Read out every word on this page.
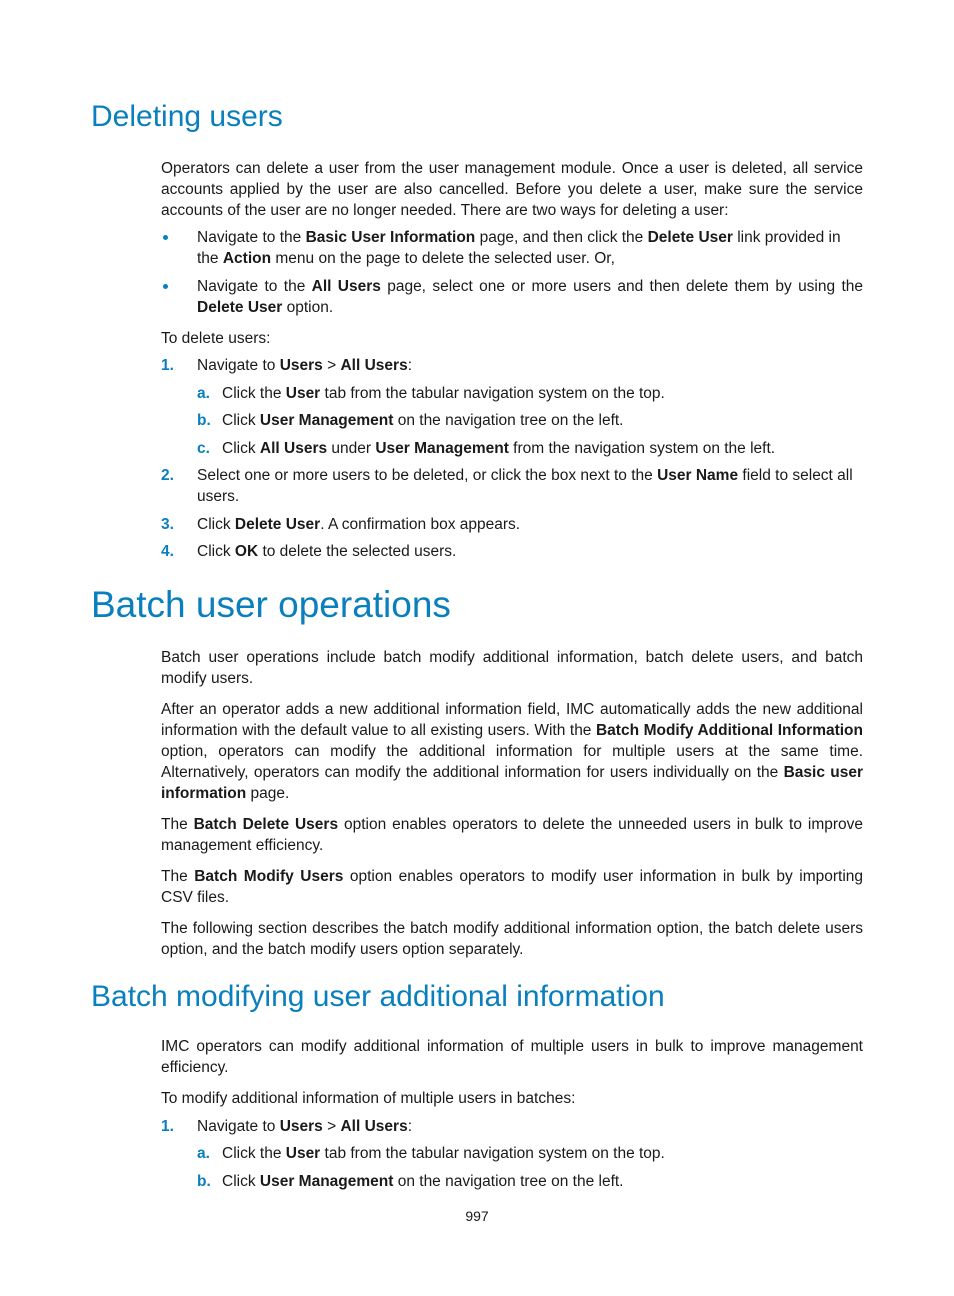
Deleting users

Operators can delete a user from the user management module. Once a user is deleted, all service accounts applied by the user are also cancelled. Before you delete a user, make sure the service accounts of the user are no longer needed. There are two ways for deleting a user:

Navigate to the Basic User Information page, and then click the Delete User link provided in the Action menu on the page to delete the selected user. Or,
Navigate to the All Users page, select one or more users and then delete them by using the Delete User option.

To delete users:

1. Navigate to Users > All Users:
a. Click the User tab from the tabular navigation system on the top.
b. Click User Management on the navigation tree on the left.
c. Click All Users under User Management from the navigation system on the left.
2. Select one or more users to be deleted, or click the box next to the User Name field to select all users.
3. Click Delete User. A confirmation box appears.
4. Click OK to delete the selected users.
Batch user operations

Batch user operations include batch modify additional information, batch delete users, and batch modify users.

After an operator adds a new additional information field, IMC automatically adds the new additional information with the default value to all existing users. With the Batch Modify Additional Information option, operators can modify the additional information for multiple users at the same time. Alternatively, operators can modify the additional information for users individually on the Basic user information page.

The Batch Delete Users option enables operators to delete the unneeded users in bulk to improve management efficiency.

The Batch Modify Users option enables operators to modify user information in bulk by importing CSV files.

The following section describes the batch modify additional information option, the batch delete users option, and the batch modify users option separately.

Batch modifying user additional information

IMC operators can modify additional information of multiple users in bulk to improve management efficiency.

To modify additional information of multiple users in batches:

1. Navigate to Users > All Users:
a. Click the User tab from the tabular navigation system on the top.
b. Click User Management on the navigation tree on the left.
997
